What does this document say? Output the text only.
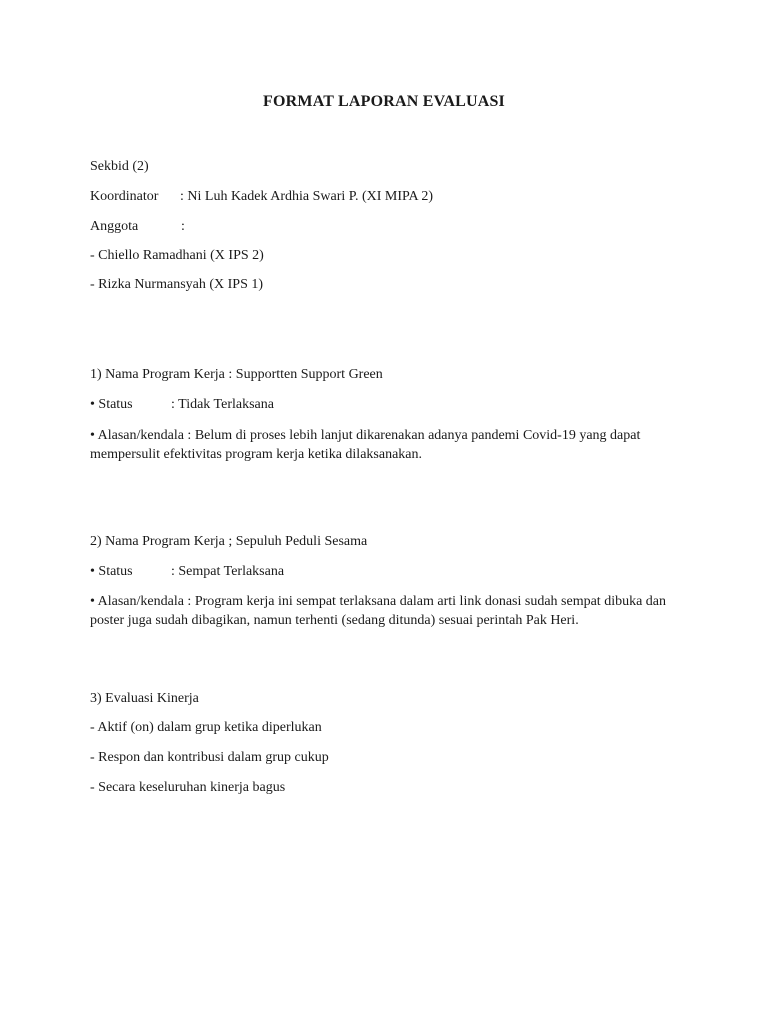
FORMAT LAPORAN EVALUASI
Sekbid (2)
Koordinator : Ni Luh Kadek Ardhia Swari P. (XI MIPA 2)
Anggota	:
- Chiello Ramadhani (X IPS 2)
- Rizka Nurmansyah (X IPS 1)
1) Nama Program Kerja : Supportten Support Green
• Status	: Tidak Terlaksana
• Alasan/kendala : Belum di proses lebih lanjut dikarenakan adanya pandemi Covid-19 yang dapat mempersulit efektivitas program kerja ketika dilaksanakan.
2) Nama Program Kerja ; Sepuluh Peduli Sesama
• Status	: Sempat Terlaksana
• Alasan/kendala : Program kerja ini sempat terlaksana dalam arti link donasi sudah sempat dibuka dan poster juga sudah dibagikan, namun terhenti (sedang ditunda) sesuai perintah Pak Heri.
3) Evaluasi Kinerja
- Aktif (on) dalam grup ketika diperlukan
- Respon dan kontribusi dalam grup cukup
- Secara keseluruhan kinerja bagus
